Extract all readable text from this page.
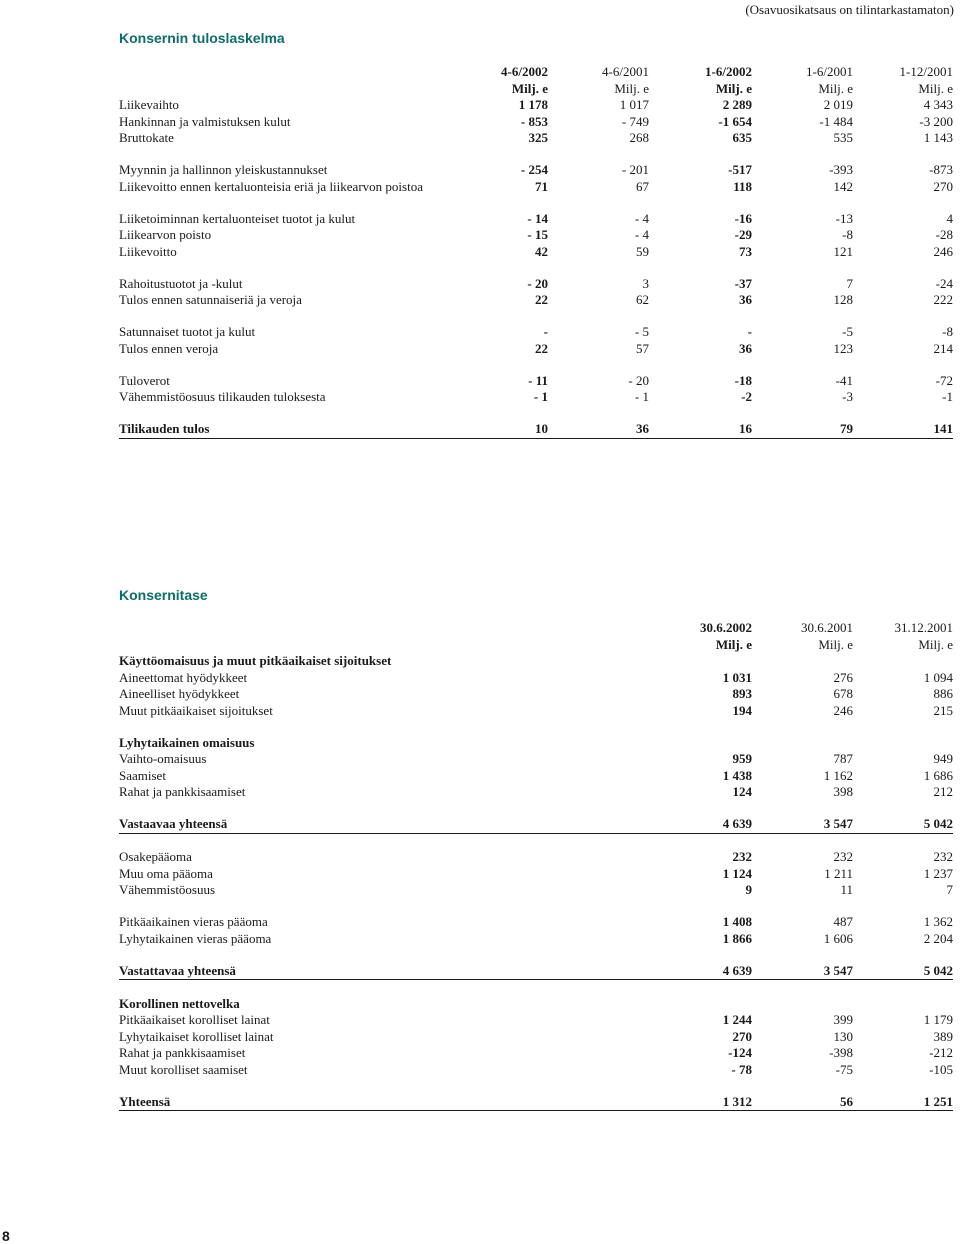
(Osavuosikatsaus on tilintarkastamaton)
Konsernin tuloslaskelma
4-6/2002	4-6/2001	1-6/2002	1-6/2001	1-12/2001
Milj. e	Milj. e	Milj. e	Milj. e	Milj. e
Liikevaihto	1 178	1 017	2 289	2 019	4 343
Hankinnan ja valmistuksen kulut	- 853	- 749	-1 654	-1 484	-3 200
Bruttokate	325	268	635	535	1 143
Myynnin ja hallinnon yleiskustannukset	- 254	- 201	-517	-393	-873
Liikevoitto ennen kertaluonteisia eriä ja liikearvon poistoa	71	67	118	142	270
Liiketoiminnan kertaluonteiset tuotot ja kulut	- 14	- 4	-16	-13	4
Liikearvon poisto	- 15	- 4	-29	-8	-28
Liikevoitto	42	59	73	121	246
Rahoitustuotot ja -kulut	- 20	3	-37	7	-24
Tulos ennen satunnaiseriä ja veroja	22	62	36	128	222
Satunnaiset tuotot ja kulut	-	- 5	-	-5	-8
Tulos ennen veroja	22	57	36	123	214
Tuloverot	- 11	- 20	-18	-41	-72
Vähemmistöosuus tilikauden tuloksesta	- 1	- 1	-2	-3	-1
Tilikauden tulos	10	36	16	79	141
Konsernitase
30.6.2002	30.6.2001	31.12.2001
Milj. e	Milj. e	Milj. e
Käyttöomaisuus ja muut pitkäaikaiset sijoitukset
Aineettomat hyödykkeet	1 031	276	1 094
Aineelliset hyödykkeet	893	678	886
Muut pitkäaikaiset sijoitukset	194	246	215
Lyhytaikainen omaisuus
Vaihto-omaisuus	959	787	949
Saamiset	1 438	1 162	1 686
Rahat ja pankkisaamiset	124	398	212
Vastaavaa yhteensä	4 639	3 547	5 042
Osakepääoma	232	232	232
Muu oma pääoma	1 124	1 211	1 237
Vähemmistöosuus	9	11	7
Pitkäaikainen vieras pääoma	1 408	487	1 362
Lyhytaikainen vieras pääoma	1 866	1 606	2 204
Vastattavaa yhteensä	4 639	3 547	5 042
Korollinen nettovelka
Pitkäaikaiset korolliset lainat	1 244	399	1 179
Lyhytaikaiset korolliset lainat	270	130	389
Rahat ja pankkisaamiset	-124	-398	-212
Muut korolliset saamiset	- 78	-75	-105
Yhteensä	1 312	56	1 251
8
